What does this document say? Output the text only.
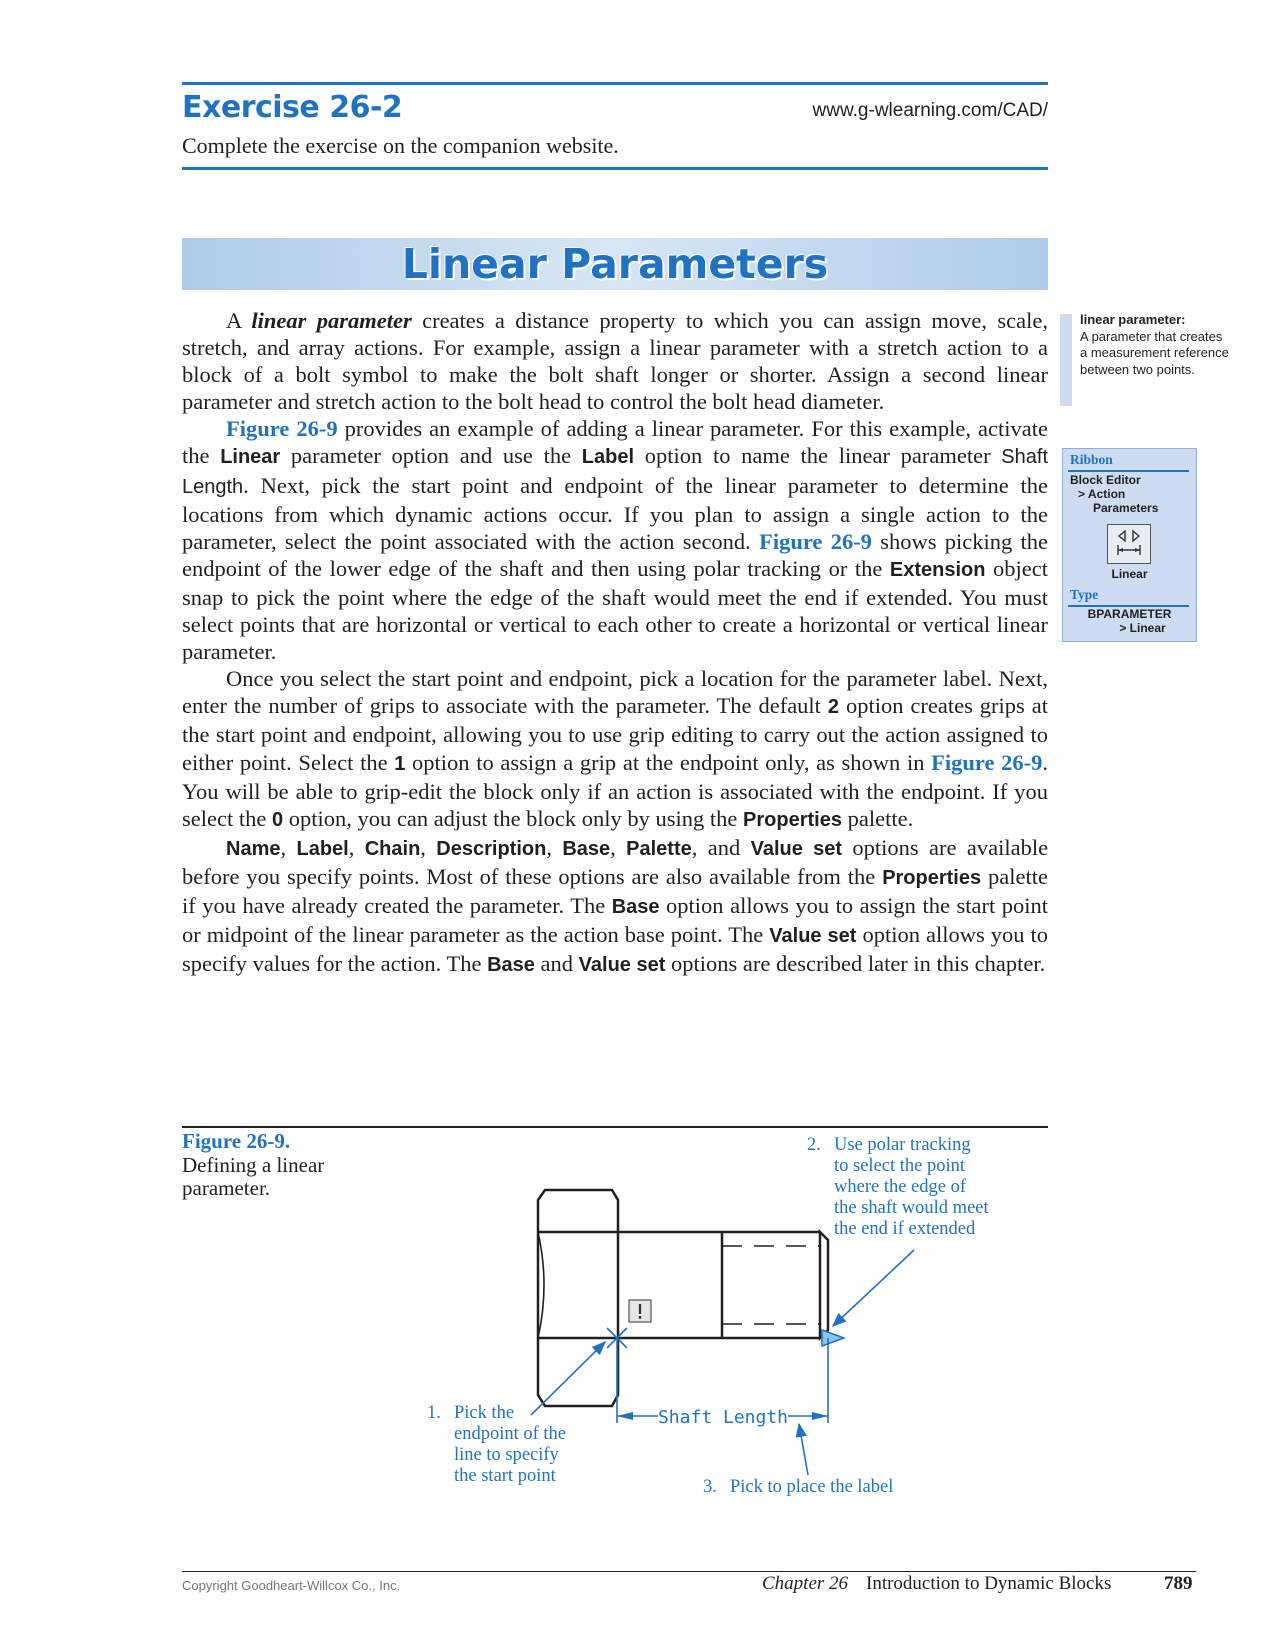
Exercise 26-2	www.g-wlearning.com/CAD/
Complete the exercise on the companion website.
Linear Parameters

A linear parameter creates a distance property to which you can assign move, scale, stretch, and array actions. For example, assign a linear parameter with a stretch action to a block of a bolt symbol to make the bolt shaft longer or shorter. Assign a second linear parameter and stretch action to the bolt head to control the bolt head diameter.

Figure 26-9 provides an example of adding a linear parameter. For this example, activate the Linear parameter option and use the Label option to name the linear parameter Shaft Length. Next, pick the start point and endpoint of the linear parameter to determine the locations from which dynamic actions occur. If you plan to assign a single action to the parameter, select the point associated with the action second. Figure 26-9 shows picking the endpoint of the lower edge of the shaft and then using polar tracking or the Extension object snap to pick the point where the edge of the shaft would meet the end if extended. You must select points that are horizontal or vertical to each other to create a horizontal or vertical linear parameter.

Once you select the start point and endpoint, pick a location for the parameter label. Next, enter the number of grips to associate with the parameter. The default 2 option creates grips at the start point and endpoint, allowing you to use grip editing to carry out the action assigned to either point. Select the 1 option to assign a grip at the endpoint only, as shown in Figure 26-9. You will be able to grip-edit the block only if an action is associated with the endpoint. If you select the 0 option, you can adjust the block only by using the Properties palette.

Name, Label, Chain, Description, Base, Palette, and Value set options are available before you specify points. Most of these options are also available from the Properties palette if you have already created the parameter. The Base option allows you to assign the start point or midpoint of the linear parameter as the action base point. The Value set option allows you to specify values for the action. The Base and Value set options are described later in this chapter.

linear parameter:
A parameter that creates a measurement reference between two points.
Ribbon
Block Editor
> Action
Parameters
Linear
Type
BPARAMETER
> Linear
Figure 26-9.
Defining a linear
parameter.
Shaft Length
1. Pick the
endpoint of the
line to specify
the start point
2. Use polar tracking
to select the point
where the edge of
the shaft would meet
the end if extended
3. Pick to place the label
Copyright Goodheart-Willcox Co., Inc.	Chapter 26 Introduction to Dynamic Blocks	789
